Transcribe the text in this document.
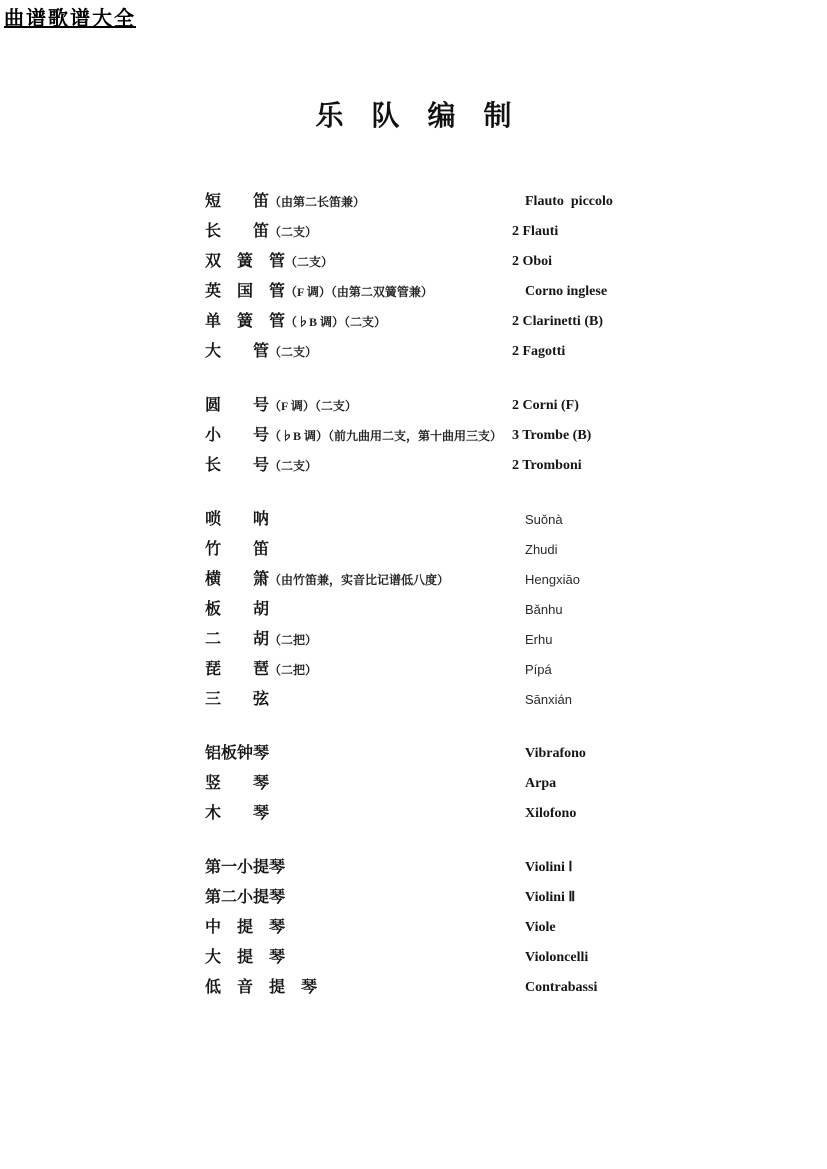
曲谱歌谱大全
乐　队　编　制
短　　笛（由第二长笛兼）	Flauto  piccolo
长　　笛（二支）	2 Flauti
双　簧　管（二支）	2 Oboi
英　国　管（F 调）（由第二双簧管兼）	Corno inglese
单　簧　管（♭B 调）（二支）	2 Clarinetti (B)
大　　管（二支）	2 Fagotti
圆　　号（F 调）（二支）	2 Corni (F)
小　　号（♭B 调）（前九曲用二支，第十曲用三支） 3 Trombe (B)
长　　号（二支）	2 Tromboni
唢　　呐	Suǒnà
竹　　笛	Zhudi
横　　箫（由竹笛兼，实音比记谱低八度）	Hengxiāo
板　　胡	Bǎnhu
二　　胡（二把）	Erhu
琵　　琶（二把）	Pípá
三　　弦	Sānxián
铝板钟琴	Vibrafono
竖　　琴	Arpa
木　　琴	Xilofono
第一小提琴	Violini Ⅰ
第二小提琴	Violini Ⅱ
中　提　琴	Viole
大　提　琴	Violoncelli
低　音　提　琴	Contrabassi
